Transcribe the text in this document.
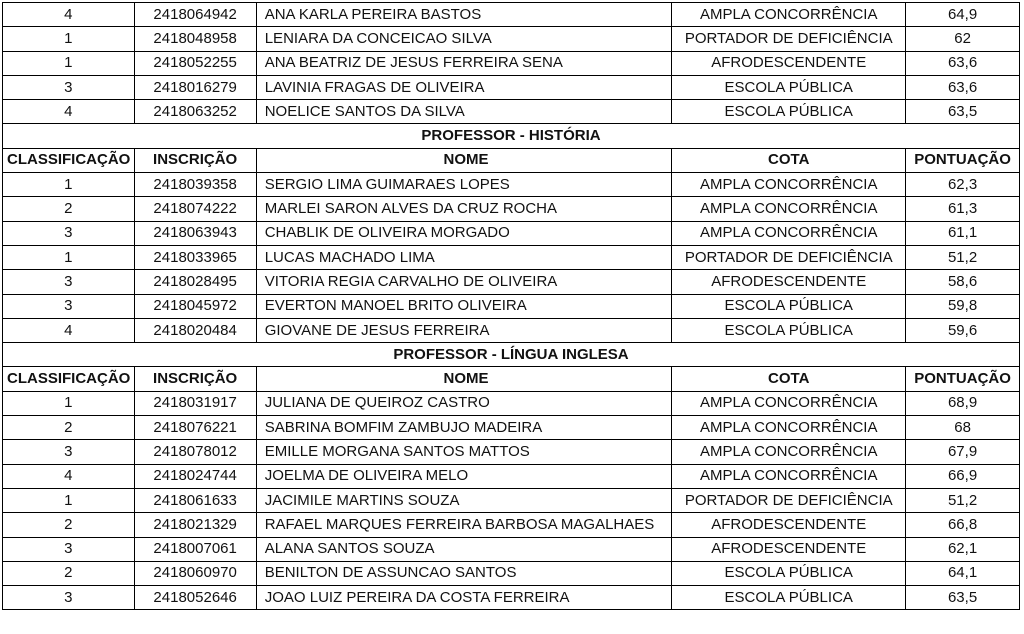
4	2418064942	ANA KARLA PEREIRA BASTOS	AMPLA CONCORRÊNCIA	64,9
1	2418048958	LENIARA DA CONCEICAO SILVA	PORTADOR DE DEFICIÊNCIA	62
1	2418052255	ANA BEATRIZ DE JESUS FERREIRA SENA	AFRODESCENDENTE	63,6
3	2418016279	LAVINIA FRAGAS DE OLIVEIRA	ESCOLA PÚBLICA	63,6
4	2418063252	NOELICE SANTOS DA SILVA	ESCOLA PÚBLICA	63,5
PROFESSOR - HISTÓRIA				
CLASSIFICAÇÃO	INSCRIÇÃO	NOME	COTA	PONTUAÇÃO
1	2418039358	SERGIO LIMA GUIMARAES LOPES	AMPLA CONCORRÊNCIA	62,3
2	2418074222	MARLEI SARON ALVES DA CRUZ ROCHA	AMPLA CONCORRÊNCIA	61,3
3	2418063943	CHABLIK DE OLIVEIRA MORGADO	AMPLA CONCORRÊNCIA	61,1
1	2418033965	LUCAS MACHADO LIMA	PORTADOR DE DEFICIÊNCIA	51,2
3	2418028495	VITORIA REGIA CARVALHO DE OLIVEIRA	AFRODESCENDENTE	58,6
3	2418045972	EVERTON MANOEL BRITO OLIVEIRA	ESCOLA PÚBLICA	59,8
4	2418020484	GIOVANE DE JESUS FERREIRA	ESCOLA PÚBLICA	59,6
PROFESSOR - LÍNGUA INGLESA				
CLASSIFICAÇÃO	INSCRIÇÃO	NOME	COTA	PONTUAÇÃO
1	2418031917	JULIANA DE QUEIROZ CASTRO	AMPLA CONCORRÊNCIA	68,9
2	2418076221	SABRINA BOMFIM ZAMBUJO MADEIRA	AMPLA CONCORRÊNCIA	68
3	2418078012	EMILLE MORGANA SANTOS MATTOS	AMPLA CONCORRÊNCIA	67,9
4	2418024744	JOELMA DE OLIVEIRA MELO	AMPLA CONCORRÊNCIA	66,9
1	2418061633	JACIMILE MARTINS SOUZA	PORTADOR DE DEFICIÊNCIA	51,2
2	2418021329	RAFAEL MARQUES FERREIRA BARBOSA MAGALHAES	AFRODESCENDENTE	66,8
3	2418007061	ALANA SANTOS SOUZA	AFRODESCENDENTE	62,1
2	2418060970	BENILTON DE ASSUNCAO SANTOS	ESCOLA PÚBLICA	64,1
3	2418052646	JOAO LUIZ PEREIRA DA COSTA FERREIRA	ESCOLA PÚBLICA	63,5
